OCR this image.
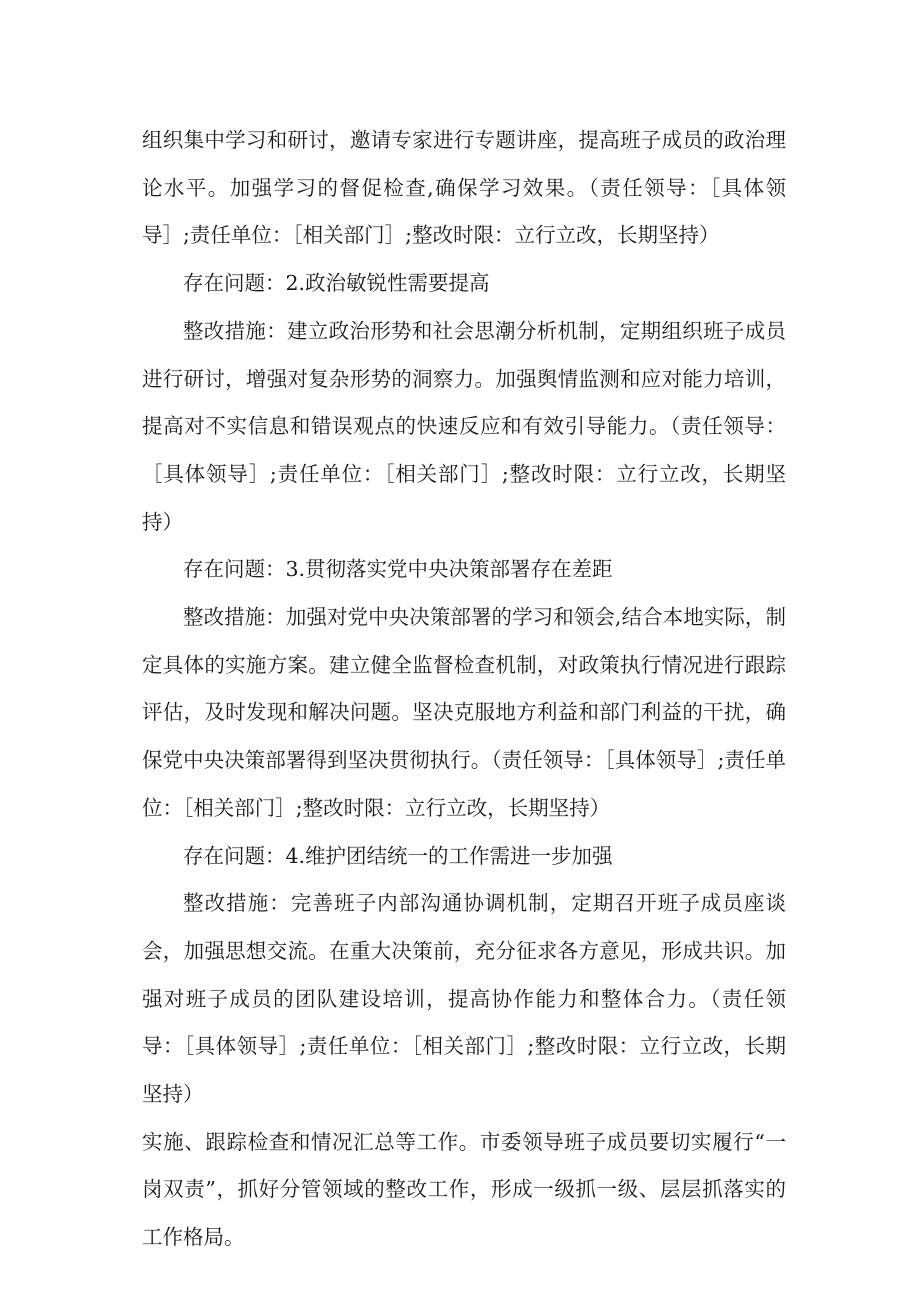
组织集中学习和研讨，邀请专家进行专题讲座，提高班子成员的政治理论水平。加强学习的督促检查,确保学习效果。（责任领导：［具体领导］;责任单位：［相关部门］;整改时限：立行立改，长期坚持）

存在问题：2.政治敏锐性需要提高

整改措施：建立政治形势和社会思潮分析机制，定期组织班子成员进行研讨，增强对复杂形势的洞察力。加强舆情监测和应对能力培训，提高对不实信息和错误观点的快速反应和有效引导能力。（责任领导：［具体领导］;责任单位：［相关部门］;整改时限：立行立改，长期坚持）

存在问题：3.贯彻落实党中央决策部署存在差距

整改措施：加强对党中央决策部署的学习和领会,结合本地实际，制定具体的实施方案。建立健全监督检查机制，对政策执行情况进行跟踪评估，及时发现和解决问题。坚决克服地方利益和部门利益的干扰，确保党中央决策部署得到坚决贯彻执行。（责任领导：［具体领导］;责任单位：［相关部门］;整改时限：立行立改，长期坚持）

存在问题：4.维护团结统一的工作需进一步加强

整改措施：完善班子内部沟通协调机制，定期召开班子成员座谈会，加强思想交流。在重大决策前，充分征求各方意见，形成共识。加强对班子成员的团队建设培训，提高协作能力和整体合力。（责任领导：［具体领导］;责任单位：［相关部门］;整改时限：立行立改，长期坚持）

实施、跟踪检查和情况汇总等工作。市委领导班子成员要切实履行“一岗双责”，抓好分管领域的整改工作，形成一级抓一级、层层抓落实的工作格局。
